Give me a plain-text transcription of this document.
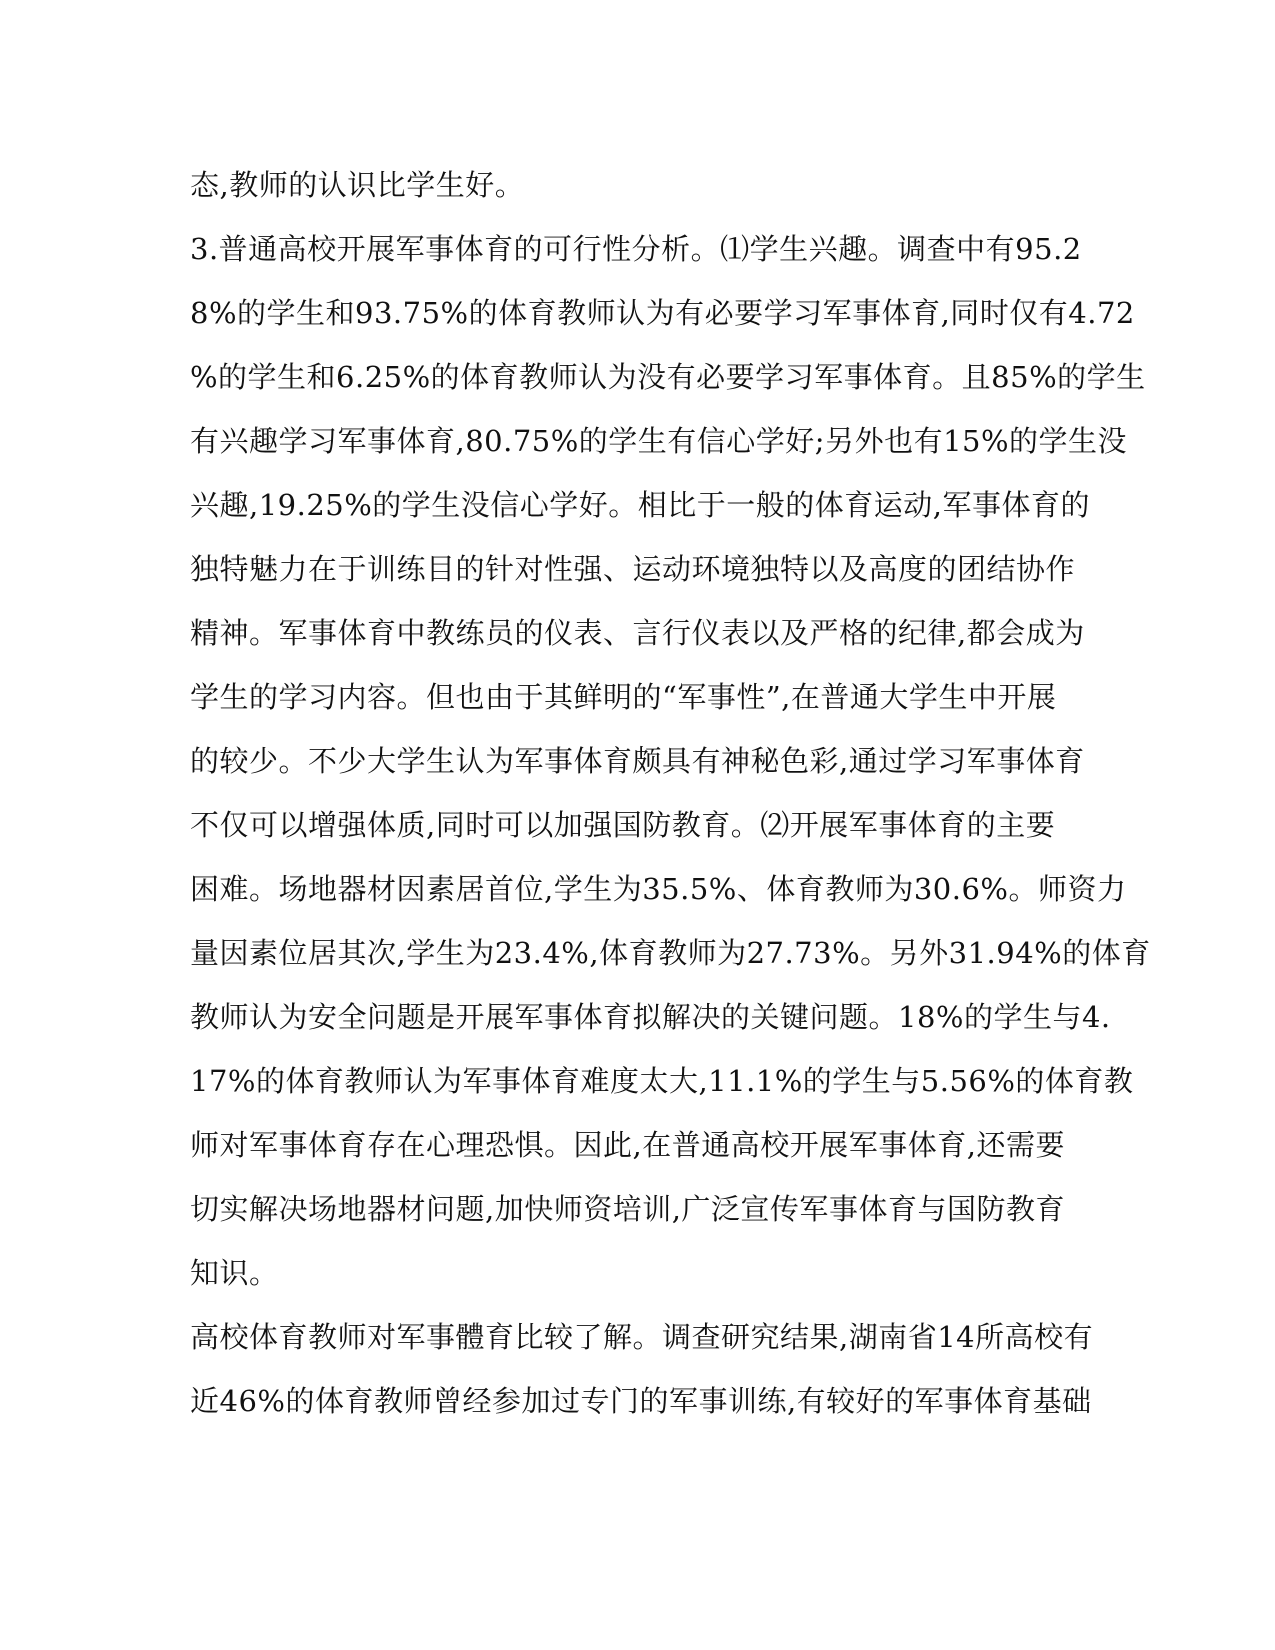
态,教师的认识比学生好。
3.普通高校开展军事体育的可行性分析。⑴学生兴趣。调查中有95.2
8%的学生和93.75%的体育教师认为有必要学习军事体育,同时仅有4.72
%的学生和6.25%的体育教师认为没有必要学习军事体育。且85%的学生
有兴趣学习军事体育,80.75%的学生有信心学好;另外也有15%的学生没
兴趣,19.25%的学生没信心学好。相比于一般的体育运动,军事体育的
独特魅力在于训练目的针对性强、运动环境独特以及高度的团结协作
精神。军事体育中教练员的仪表、言行仪表以及严格的纪律,都会成为
学生的学习内容。但也由于其鲜明的“军事性”,在普通大学生中开展
的较少。不少大学生认为军事体育颇具有神秘色彩,通过学习军事体育
不仅可以增强体质,同时可以加强国防教育。⑵开展军事体育的主要
困难。场地器材因素居首位,学生为35.5%、体育教师为30.6%。师资力
量因素位居其次,学生为23.4%,体育教师为27.73%。另外31.94%的体育
教师认为安全问题是开展军事体育拟解决的关键问题。18%的学生与4.
17%的体育教师认为军事体育难度太大,11.1%的学生与5.56%的体育教
师对军事体育存在心理恐惧。因此,在普通高校开展军事体育,还需要
切实解决场地器材问题,加快师资培训,广泛宣传军事体育与国防教育
知识。
高校体育教师对军事體育比较了解。调查研究结果,湖南省14所高校有
近46%的体育教师曾经参加过专门的军事训练,有较好的军事体育基础
